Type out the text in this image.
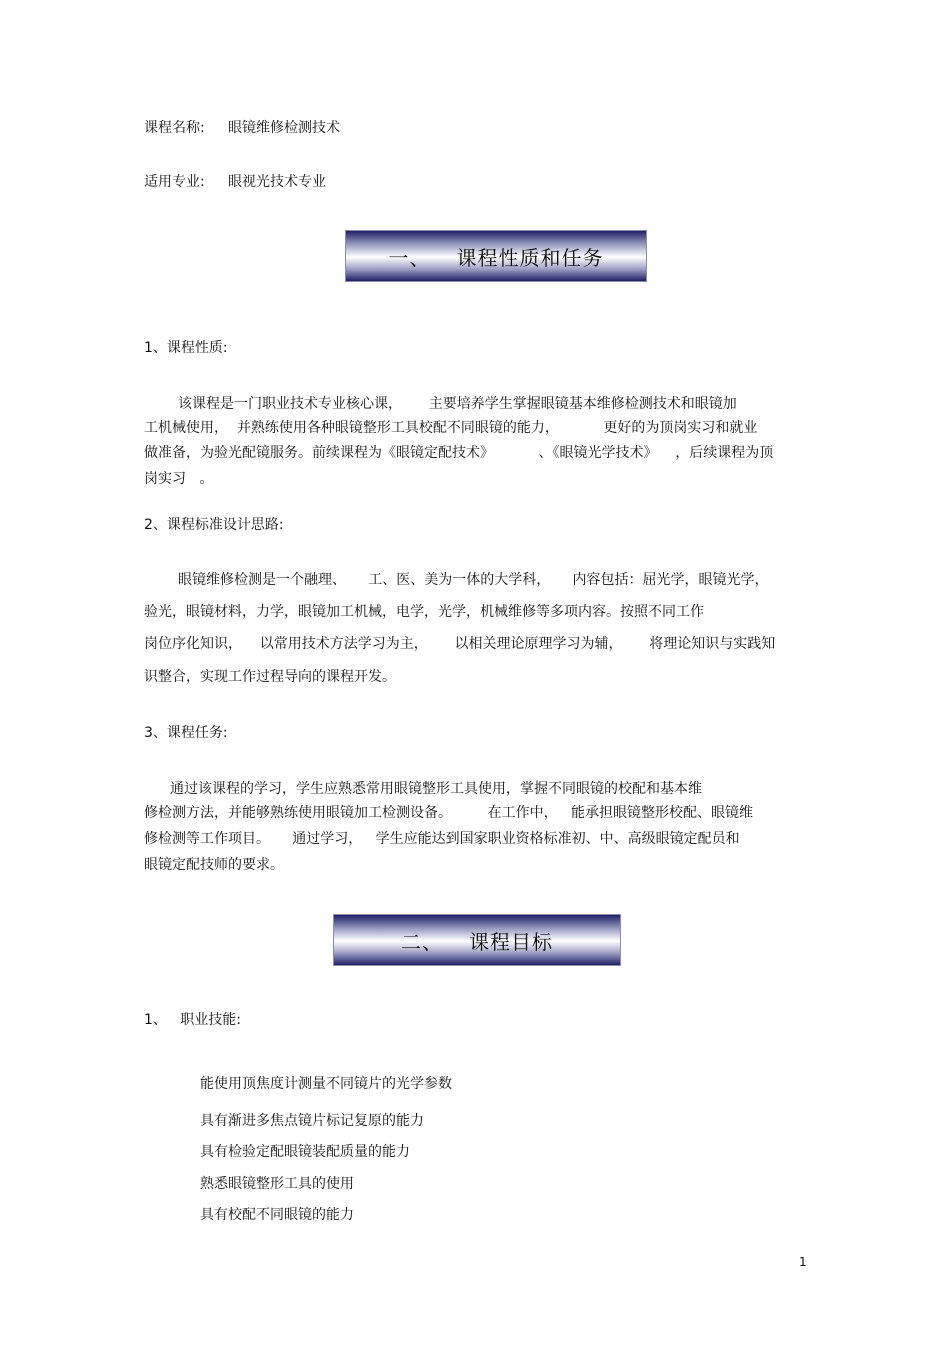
课程名称: 眼镜维修检测技术
适用专业: 眼视光技术专业
一、 课程性质和任务
1、课程性质:
该课程是一门职业技术专业核心课，      主要培养学生掌握眼镜基本维修检测技术和眼镜加
工机械使用，  并熟练使用各种眼镜整形工具校配不同眼镜的能力，          更好的为顶岗实习和就业
做准备，为验光配镜服务。前续课程为《眼镜定配技术》          、《眼镜光学技术》    ，后续课程为顶
岗实习   。
2、课程标准设计思路:
眼镜维修检测是一个融理、     工、医、美为一体的大学科，     内容包括：屈光学，眼镜光学，
验光，眼镜材料，力学，眼镜加工机械，电学，光学，机械维修等多项内容。按照不同工作
岗位序化知识，    以常用技术方法学习为主，      以相关理论原理学习为辅，      将理论知识与实践知
识整合，实现工作过程导向的课程开发。
3、课程任务:
通过该课程的学习，学生应熟悉常用眼镜整形工具使用，掌握不同眼镜的校配和基本维
修检测方法，并能够熟练使用眼镜加工检测设备。        在工作中，   能承担眼镜整形校配、眼镜维
修检测等工作项目。     通过学习，   学生应能达到国家职业资格标准初、中、高级眼镜定配员和
眼镜定配技师的要求。
二、 课程目标
1、   职业技能:
能使用顶焦度计测量不同镜片的光学参数
具有渐进多焦点镜片标记复原的能力
具有检验定配眼镜装配质量的能力
熟悉眼镜整形工具的使用
具有校配不同眼镜的能力
1
